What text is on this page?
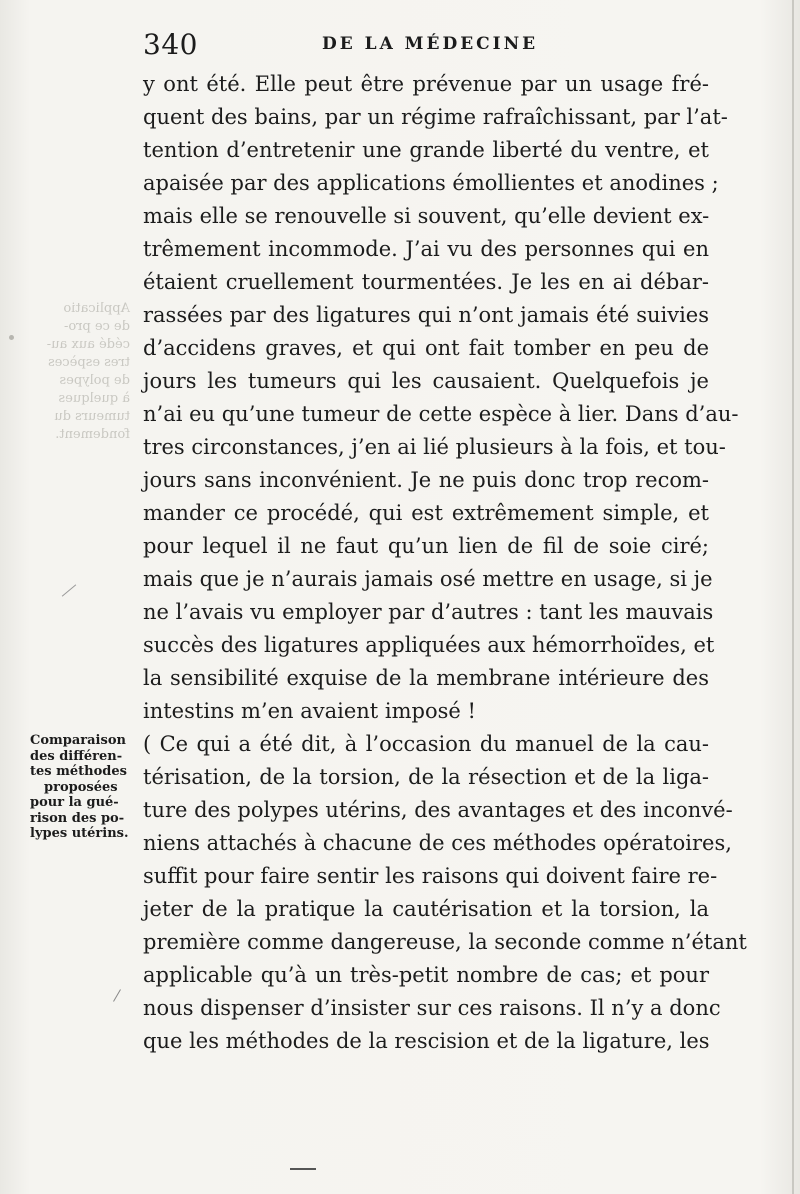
340	DE LA MÉDECINE
Applicatio
de ce pro-
cédé aux au-
tres espèces
de polypes
à quelques
tumeurs du
fondement.
y ont été. Elle peut être prévenue par un usage fré-
quent des bains, par un régime rafraîchissant, par l’at-
tention d’entretenir une grande liberté du ventre, et
apaisée par des applications émollientes et anodines ;
mais elle se renouvelle si souvent, qu’elle devient ex-
trêmement incommode. J’ai vu des personnes qui en
étaient cruellement tourmentées. Je les en ai débar-
rassées par des ligatures qui n’ont jamais été suivies
d’accidens graves, et qui ont fait tomber en peu de
jours les tumeurs qui les causaient. Quelquefois je
n’ai eu qu’une tumeur de cette espèce à lier. Dans d’au-
tres circonstances, j’en ai lié plusieurs à la fois, et tou-
jours sans inconvénient. Je ne puis donc trop recom-
mander ce procédé, qui est extrêmement simple, et
pour lequel il ne faut qu’un lien de fil de soie ciré;
mais que je n’aurais jamais osé mettre en usage, si je
ne l’avais vu employer par d’autres : tant les mauvais
succès des ligatures appliquées aux hémorrhoïdes, et
la sensibilité exquise de la membrane intérieure des
intestins m’en avaient imposé !
( Ce qui a été dit, à l’occasion du manuel de la cau-
térisation, de la torsion, de la résection et de la liga-
ture des polypes utérins, des avantages et des inconvé-
niens attachés à chacune de ces méthodes opératoires,
suffit pour faire sentir les raisons qui doivent faire re-
jeter de la pratique la cautérisation et la torsion, la
première comme dangereuse, la seconde comme n’étant
applicable qu’à un très-petit nombre de cas; et pour
nous dispenser d’insister sur ces raisons. Il n’y a donc
que les méthodes de la rescision et de la ligature, les
Comparaison
des différen-
tes méthodes
proposées
pour la gué-
rison des po-
lypes utérins.
